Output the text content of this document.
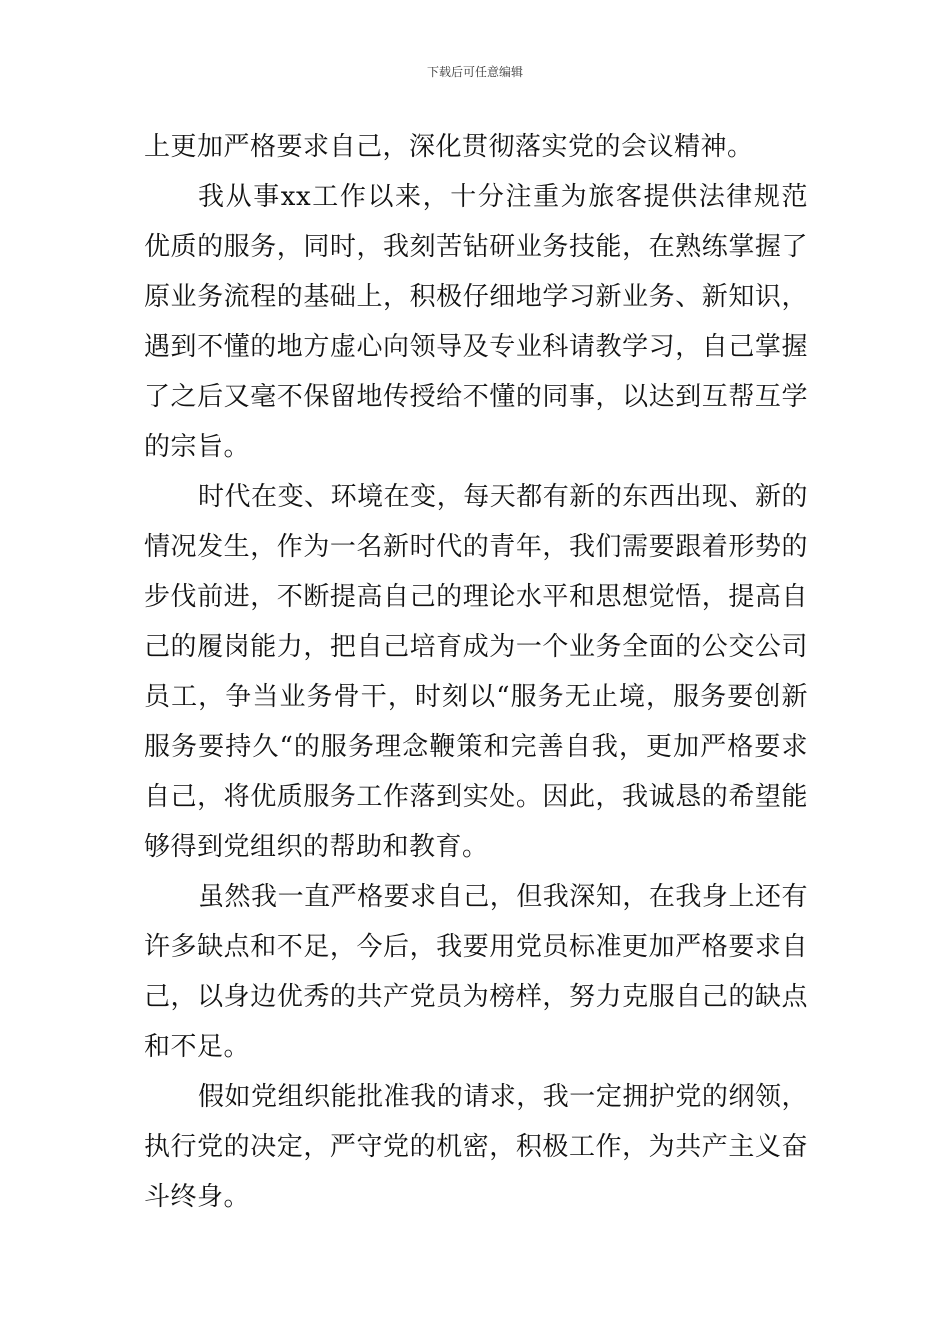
下载后可任意编辑

上更加严格要求自己，深化贯彻落实党的会议精神。

我从事xx工作以来，十分注重为旅客提供法律规范优质的服务，同时，我刻苦钻研业务技能，在熟练掌握了原业务流程的基础上，积极仔细地学习新业务、新知识，遇到不懂的地方虚心向领导及专业科请教学习，自己掌握了之后又毫不保留地传授给不懂的同事，以达到互帮互学的宗旨。

时代在变、环境在变，每天都有新的东西出现、新的情况发生，作为一名新时代的青年，我们需要跟着形势的步伐前进，不断提高自己的理论水平和思想觉悟，提高自己的履岗能力，把自己培育成为一个业务全面的公交公司员工，争当业务骨干，时刻以“服务无止境，服务要创新服务要持久“的服务理念鞭策和完善自我，更加严格要求自己，将优质服务工作落到实处。因此，我诚恳的希望能够得到党组织的帮助和教育。

虽然我一直严格要求自己，但我深知，在我身上还有许多缺点和不足，今后，我要用党员标准更加严格要求自己，以身边优秀的共产党员为榜样，努力克服自己的缺点和不足。

假如党组织能批准我的请求，我一定拥护党的纲领，执行党的决定，严守党的机密，积极工作，为共产主义奋斗终身。
